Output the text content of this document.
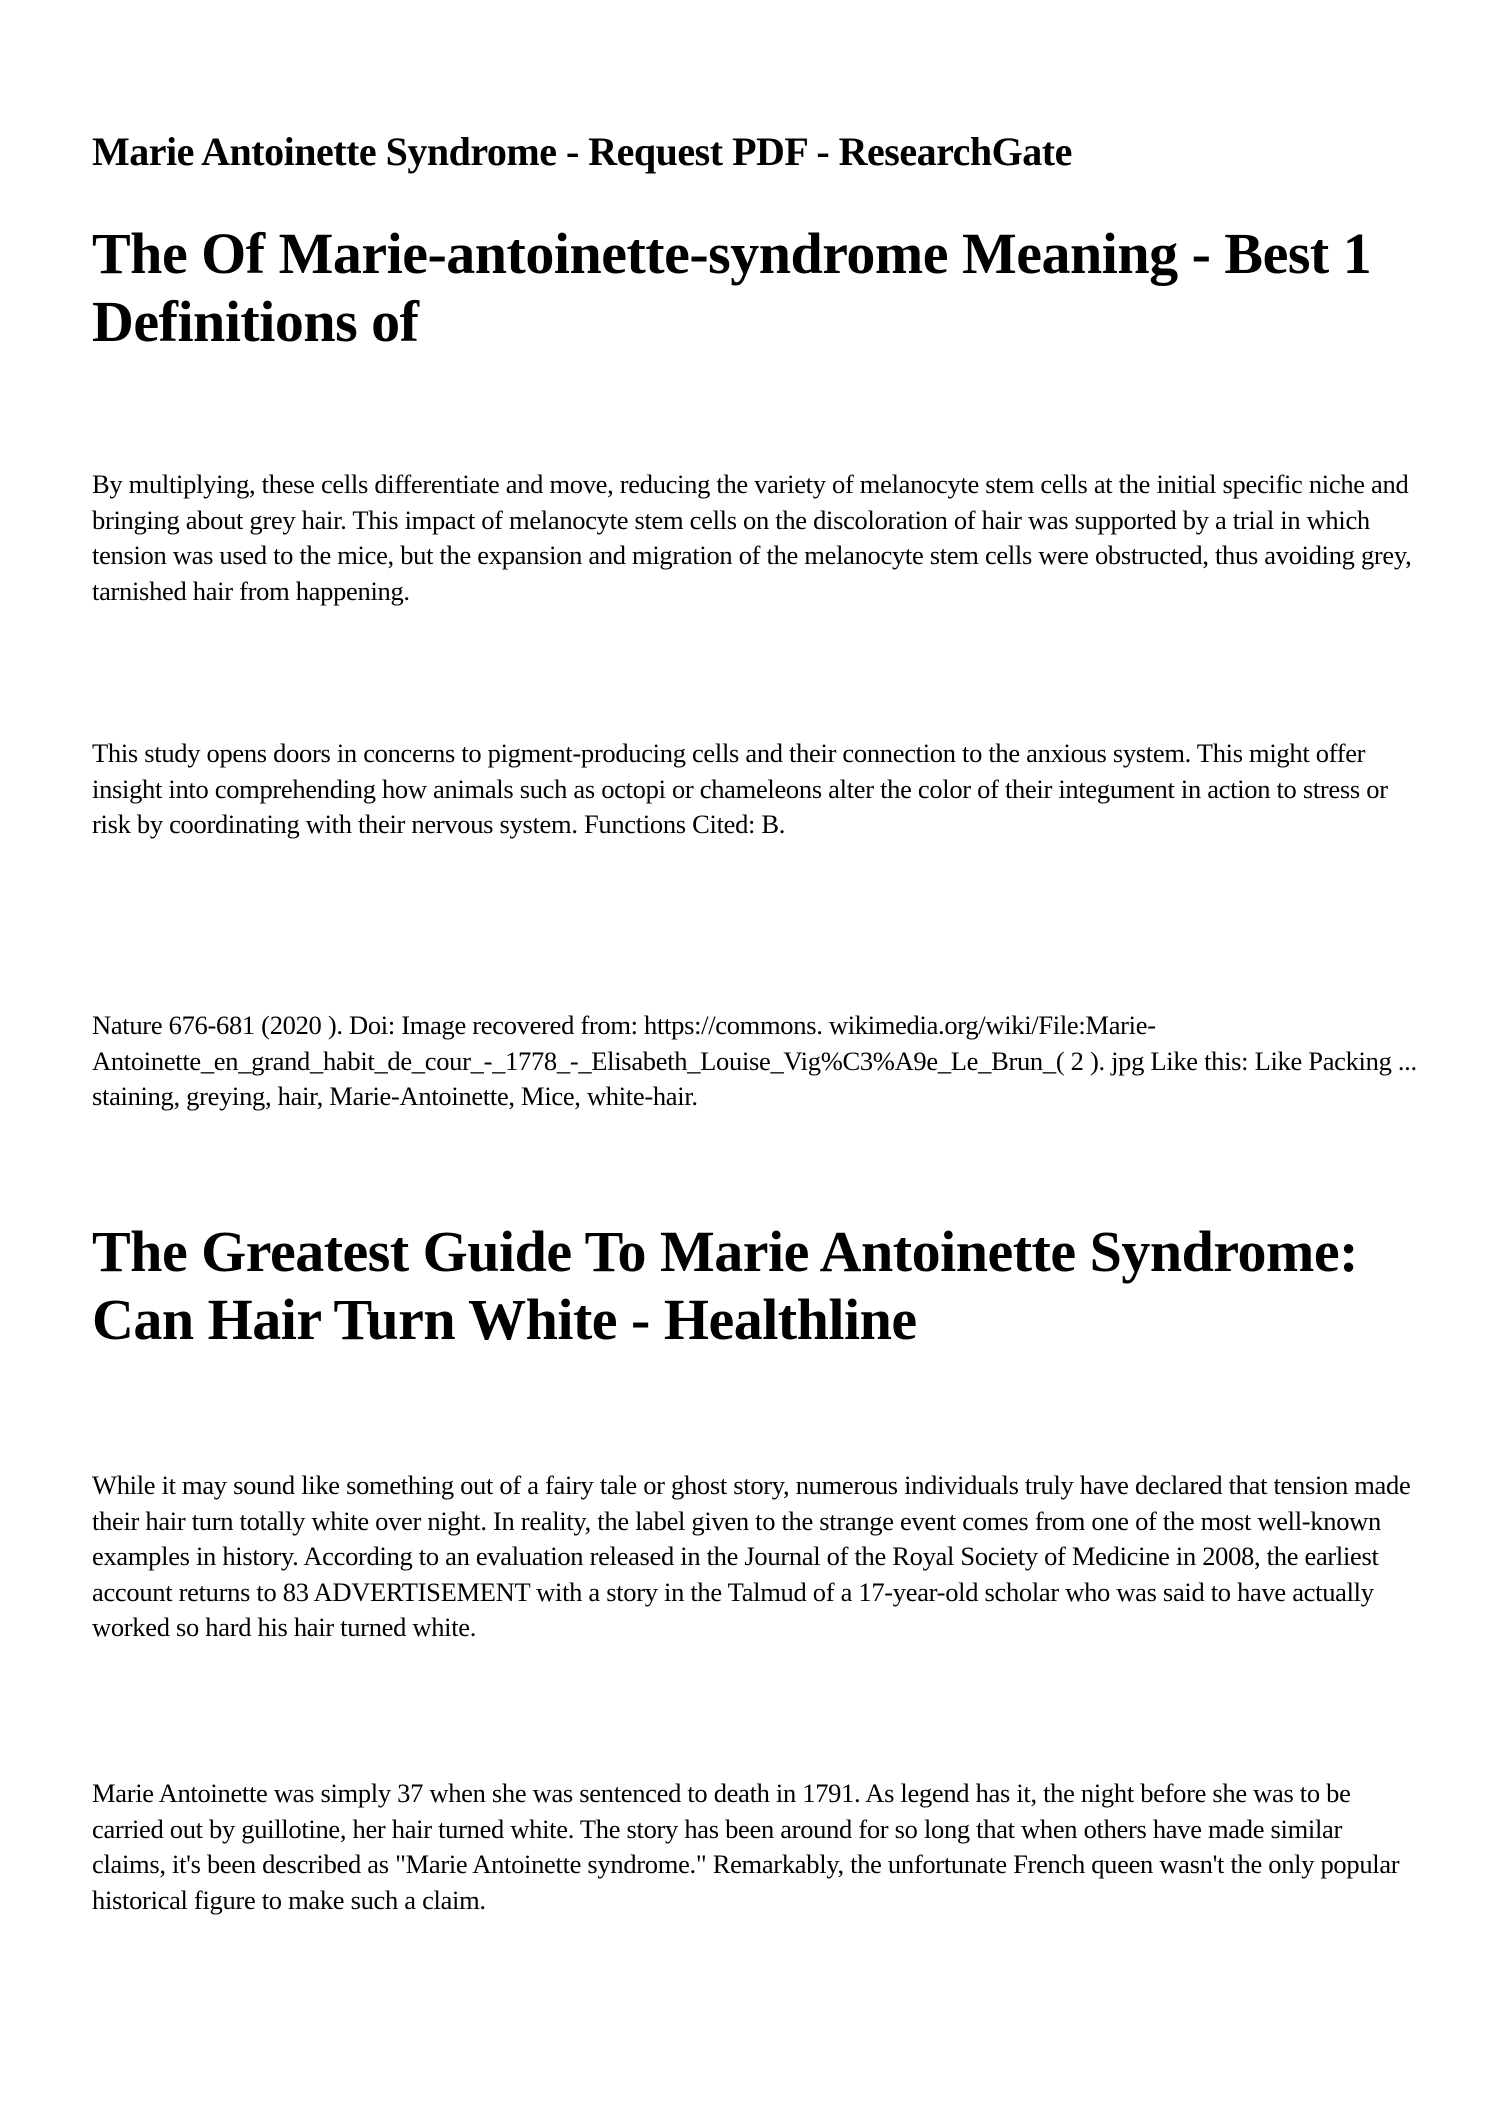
Marie Antoinette Syndrome - Request PDF - ResearchGate
The Of Marie-antoinette-syndrome Meaning - Best 1 Definitions of

By multiplying, these cells differentiate and move, reducing the variety of melanocyte stem cells at the initial specific niche and bringing about grey hair. This impact of melanocyte stem cells on the discoloration of hair was supported by a trial in which tension was used to the mice, but the expansion and migration of the melanocyte stem cells were obstructed, thus avoiding grey, tarnished hair from happening.

This study opens doors in concerns to pigment-producing cells and their connection to the anxious system. This might offer insight into comprehending how animals such as octopi or chameleons alter the color of their integument in action to stress or risk by coordinating with their nervous system. Functions Cited: B.

Nature 676-681 (2020 ). Doi: Image recovered from: https://commons. wikimedia.org/wiki/File:Marie-Antoinette_en_grand_habit_de_cour_-_1778_-_Elisabeth_Louise_Vig%C3%A9e_Le_Brun_( 2 ). jpg Like this: Like Packing ... staining, greying, hair, Marie-Antoinette, Mice, white-hair.

The Greatest Guide To Marie Antoinette Syndrome: Can Hair Turn White - Healthline

While it may sound like something out of a fairy tale or ghost story, numerous individuals truly have declared that tension made their hair turn totally white over night. In reality, the label given to the strange event comes from one of the most well-known examples in history. According to an evaluation released in the Journal of the Royal Society of Medicine in 2008, the earliest account returns to 83 ADVERTISEMENT with a story in the Talmud of a 17-year-old scholar who was said to have actually worked so hard his hair turned white.

Marie Antoinette was simply 37 when she was sentenced to death in 1791. As legend has it, the night before she was to be carried out by guillotine, her hair turned white. The story has been around for so long that when others have made similar claims, it's been described as "Marie Antoinette syndrome." Remarkably, the unfortunate French queen wasn't the only popular historical figure to make such a claim.
